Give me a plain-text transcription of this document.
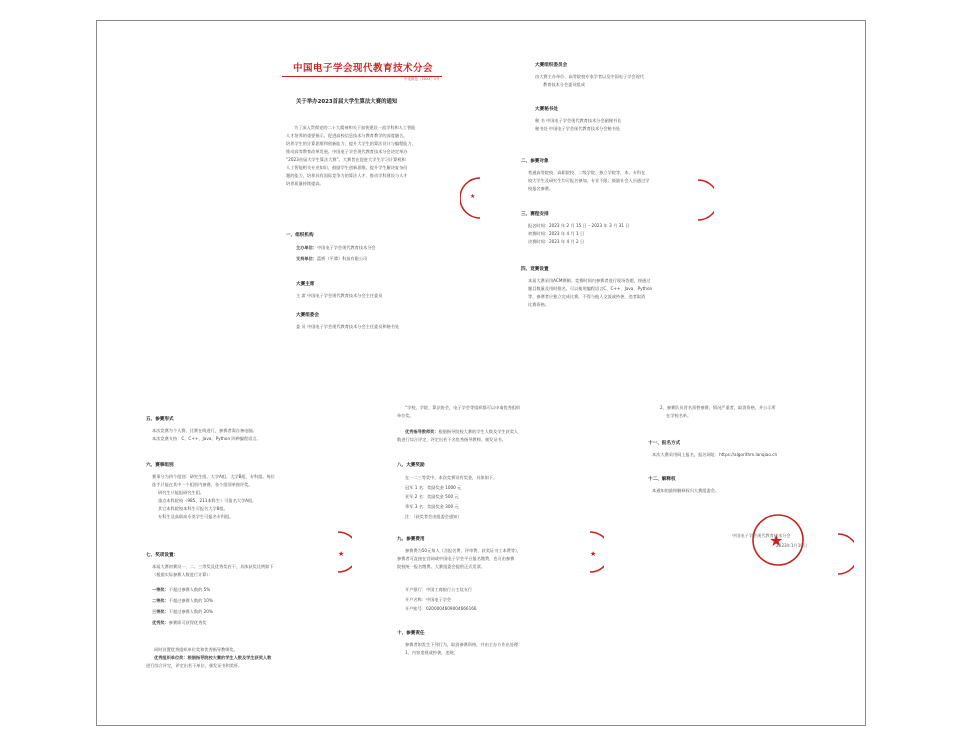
中国电子学会现代教育技术分会
中电教技〔2023〕1号
关于举办2023首届大学生算法大赛的通知

为了深入贯彻党的二十大精神和关于加快建设一流学科和人工智能

人才培养的重要指示，促进高校信息技术与教育教学的深度融合，

培养学生的计算思维和创新能力，提升大学生的算法设计与编程能力，

推动高等教育改革发展。中国电子学会现代教育技术分会决定举办

“2023首届大学生算法大赛”。大赛旨在促进大学生学习计算机和

人工智能相关专业知识，鼓励学生创新思维，提升学生解决复杂问

题的能力，培养具有国际竞争力的算法人才，推动学科建设与人才

培养质量持续提高。

一、组织机构
主办单位：中国电子学会现代教育技术分会
支持单位：蓝桥（平潭）科技有限公司
大赛主席
主 席 中国电子学会现代教育技术分会主任委员
大赛组委会
委 员 中国电子学会现代教育技术分会主任委员和秘书处
大赛组织委员会

由大赛主办单位、高等院校专家学者以及中国电子学会现代

教育技术分会委员组成

大赛秘书处

秘 书 中国电子学会现代教育技术分会副秘书长

秘书处 中国电子学会现代教育技术分会秘书处

二、参赛对象

普通高等院校、高职院校、二级学院、独立学院等，本、专科在

校大学生及研究生均可报名参加，专业不限；鼓励社会人员通过学

校报名参赛。

三、赛程安排

报名时间：2023 年 2 月 15 日 – 2023 年 3 月 31 日

初赛时间：2023 年 4 月 1 日

决赛时间：2023 年 4 月 2 日

四、竞赛设置

本届大赛采用ACM赛制。竞赛时间内参赛者进行现场答题，按通过

题目数量及用时排名。可以使用编程语言C、C++、Java、Python

等，参赛者应独立完成比赛，不得与他人交流或抄袭，违者取消

比赛资格。

★
五、参赛形式

本次竞赛为个人赛，比赛在线进行，参赛者需自备电脑。

本次竞赛支持：C、C++、Java、Python 四种编程语言。

六、赛事组别

赛事分为四个组别：研究生组、大学A组、大学B组、专科组。每位

选手只能在其中一个组别内参赛。各个组别单独评奖。

研究生只能报研究生组。

重点本科院校（985、211本科生）可报名大学A组。

其它本科院校本科生可报名大学B组。

专科生及高职高专类学生可报名专科组。

七、奖项设置：

本届大赛初赛设一、二、三等奖及优秀奖若干，具体获奖比例如下

（根据实际参赛人数进行计算）：

一等奖：不超过参赛人数的 5%

二等奖：不超过参赛人数的 10%

三等奖：不超过参赛人数的 20%

优秀奖：参赛即可获得优秀奖

同时设置优秀组织单位奖和优秀指导教师奖。

优秀组织单位奖：根据指导院校大赛的学生人数及学生获奖人数

进行综合评定，评定出若干单位，颁发证书和奖杯。

★

“学校、学院、算法协会，电子学会等组织都可以申请优秀组织

单位奖。

优秀指导教师奖：根据指导院校大赛的学生人数及学生获奖人

数进行综合评定，评定出若干名优秀指导教师，颁发证书。

八、大赛奖励

在一二三等奖中，本次竞赛设有奖金，具体如下。

冠军 1 名：奖励奖金 1000 元

亚军 2 名：奖励奖金 500 元

季军 3 名：奖励奖金 300 元

注：（获奖者会由组委会通知）

九、参赛费用

参赛费为50元每人（含报名费、评审费、获奖证书工本费等），

参赛者可直接在官网或中国电子学会平台报名缴费，也可由参赛

院校统一报名缴费。大赛组委会提供正式发票。

开户银行：中国工商银行公主坟支行

开户名称：中国电子学会

开户账号：0200004609004666166

十、参赛责任

参赛者如发生下列行为，取消参赛资格，并由主办方作出处理：

1、内容违规或抄袭，违规；

★

2、参赛队员冒名顶替参赛，情况严重者，取消资格，并公示所

在学校名单。

十一、报名方式
本次大赛采用网上报名，报名网址：https://algorithm.lanqiao.cn
十二、解释权
本通知的最终解释权归大赛组委会。
★
中国电子学会现代教育技术分会
2023年1月10日
